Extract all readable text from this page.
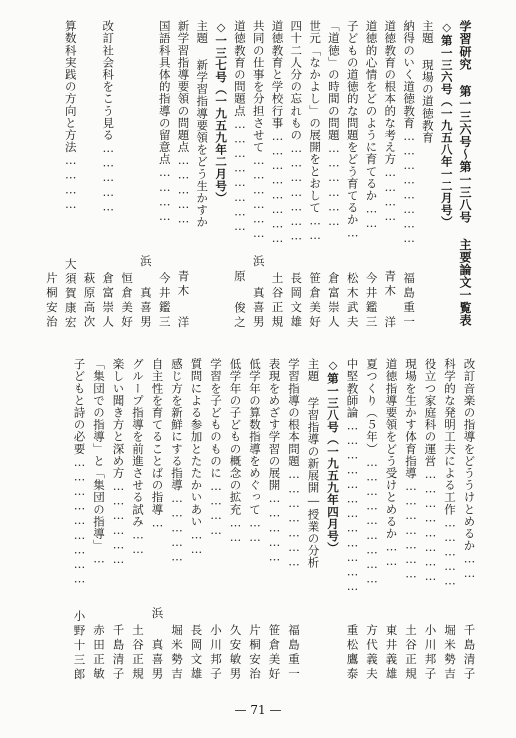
学習研究 第一三六号～第一三八号 主要論文一覧表
◇第一三六号（一九五八年一二月号）
主題 現場の道徳教育
納得のいく道徳教育……………………
福島重一
道徳教育の根本的な考え方…………
青木 洋
道徳的心情をどのように育てるか……
今井鑑三
子どもの道徳的な問題をどう育てるか…
松木武夫
「道徳」の時間の問題………………
倉富崇人
世元「なかよし」の展開をとおして……
笹倉美好
四十二人分の忘れもの…………………
長岡文雄
道徳教育と学校行事……………………
土谷正規
共同の仕事を分担させて………………
浜 真喜男
道徳教育の問題点……………………
原 俊之
◇一三七号（一九五九年二月号）
主題 新学習指導要領をどう生かすか
新学習指導要領の問題点……………
青木 洋
国語科具体的指導の留意点…………
今井鑑三
浜 真喜男
恒倉美好
改訂社会科をこう見る……………
倉富崇人
萩原高次
算数科実践の方向と方法…………
大須賀康宏
片桐安治
改訂音楽の指導をどううけとめるか……
千島清子
科学的な発明工夫による工作……………
堀米勢吉
役立つ家庭科の運営……………………
小川邦子
現場を生かす体育指導…………………
土谷正規
道徳指導要領をどう受けとめるか……
東井義雄
夏つくり（５年）………………………
方代義夫
中堅教師論………………………………
重松鷹泰
◇第一三八号（一九五九年四月号）
主題 学習指導の新展開―授業の分析
学習指導の根本問題…………………
福島重一
表現をめざす学習の展開……………
笹倉美好
低学年の算数指導をめぐって……
片桐安治
低学年の子どもの概念の拡充……
久安敏男
学習を子どものものに…………
小川邦子
質問による参加とたたかいあい……
長岡文雄
感じ方を新鮮にする指導……………
堀米勢吉
自主性を育てることばの指導…
浜 真喜男
グループ指導を前進させる試み……
土谷正規
楽しい聞き方と深め方………………
千島清子
「集団での指導」と「集団の指導」…
赤田正敏
子どもと詩の必要………………………
小野十三郎
— 71 —
